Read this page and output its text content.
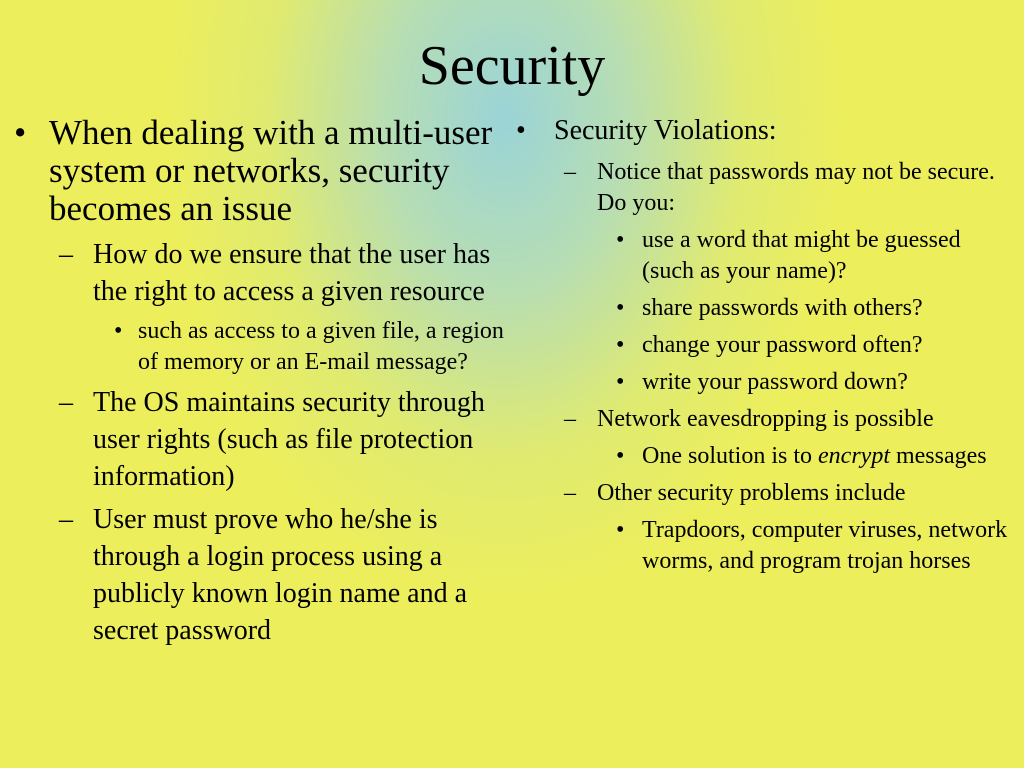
Security
• When dealing with a multi-user system or networks, security becomes an issue
– How do we ensure that the user has the right to access a given resource
• such as access to a given file, a region of memory or an E-mail message?
– The OS maintains security through user rights (such as file protection information)
– User must prove who he/she is through a login process using a publicly known login name and a secret password
•	Security Violations:
– Notice that passwords may not be secure. Do you:
• use a word that might be guessed (such as your name)?
• share passwords with others?
• change your password often?
• write your password down?
– Network eavesdropping is possible
• One solution is to encrypt messages
– Other security problems include
• Trapdoors, computer viruses, network worms, and program trojan horses
